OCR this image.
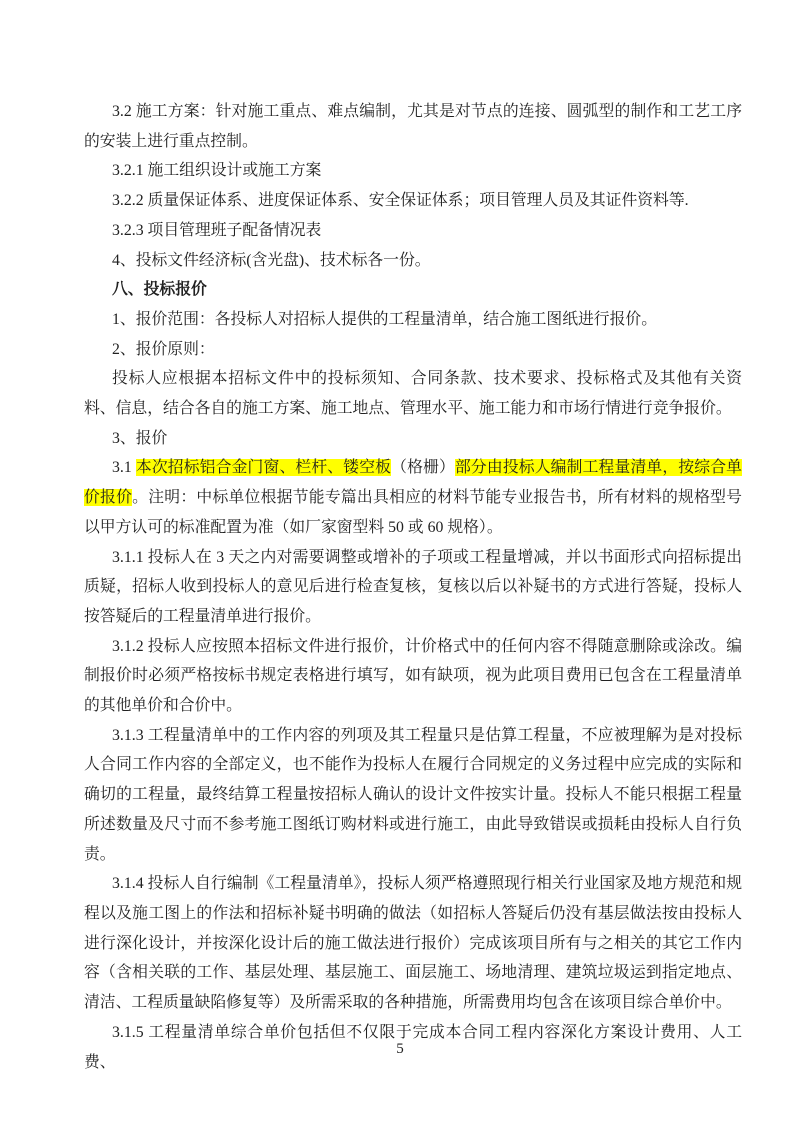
3.2 施工方案：针对施工重点、难点编制，尤其是对节点的连接、圆弧型的制作和工艺工序的安装上进行重点控制。

3.2.1 施工组织设计或施工方案

3.2.2 质量保证体系、进度保证体系、安全保证体系；项目管理人员及其证件资料等.

3.2.3 项目管理班子配备情况表

4、投标文件经济标(含光盘)、技术标各一份。

八、投标报价

1、报价范围：各投标人对招标人提供的工程量清单，结合施工图纸进行报价。

2、报价原则：

投标人应根据本招标文件中的投标须知、合同条款、技术要求、投标格式及其他有关资料、信息，结合各自的施工方案、施工地点、管理水平、施工能力和市场行情进行竞争报价。

3、报价

3.1 本次招标铝合金门窗、栏杆、镂空板（格栅）部分由投标人编制工程量清单，按综合单价报价。注明：中标单位根据节能专篇出具相应的材料节能专业报告书，所有材料的规格型号以甲方认可的标准配置为准（如厂家窗型料 50 或 60 规格）。

3.1.1 投标人在 3 天之内对需要调整或增补的子项或工程量增减，并以书面形式向招标提出质疑，招标人收到投标人的意见后进行检查复核，复核以后以补疑书的方式进行答疑，投标人按答疑后的工程量清单进行报价。

3.1.2 投标人应按照本招标文件进行报价，计价格式中的任何内容不得随意删除或涂改。编制报价时必须严格按标书规定表格进行填写，如有缺项，视为此项目费用已包含在工程量清单的其他单价和合价中。

3.1.3 工程量清单中的工作内容的列项及其工程量只是估算工程量，不应被理解为是对投标人合同工作内容的全部定义，也不能作为投标人在履行合同规定的义务过程中应完成的实际和确切的工程量，最终结算工程量按招标人确认的设计文件按实计量。投标人不能只根据工程量所述数量及尺寸而不参考施工图纸订购材料或进行施工，由此导致错误或损耗由投标人自行负责。

3.1.4 投标人自行编制《工程量清单》，投标人须严格遵照现行相关行业国家及地方规范和规程以及施工图上的作法和招标补疑书明确的做法（如招标人答疑后仍没有基层做法按由投标人进行深化设计，并按深化设计后的施工做法进行报价）完成该项目所有与之相关的其它工作内容（含相关联的工作、基层处理、基层施工、面层施工、场地清理、建筑垃圾运到指定地点、清洁、工程质量缺陷修复等）及所需采取的各种措施，所需费用均包含在该项目综合单价中。

3.1.5 工程量清单综合单价包括但不仅限于完成本合同工程内容深化方案设计费用、人工费、

5
